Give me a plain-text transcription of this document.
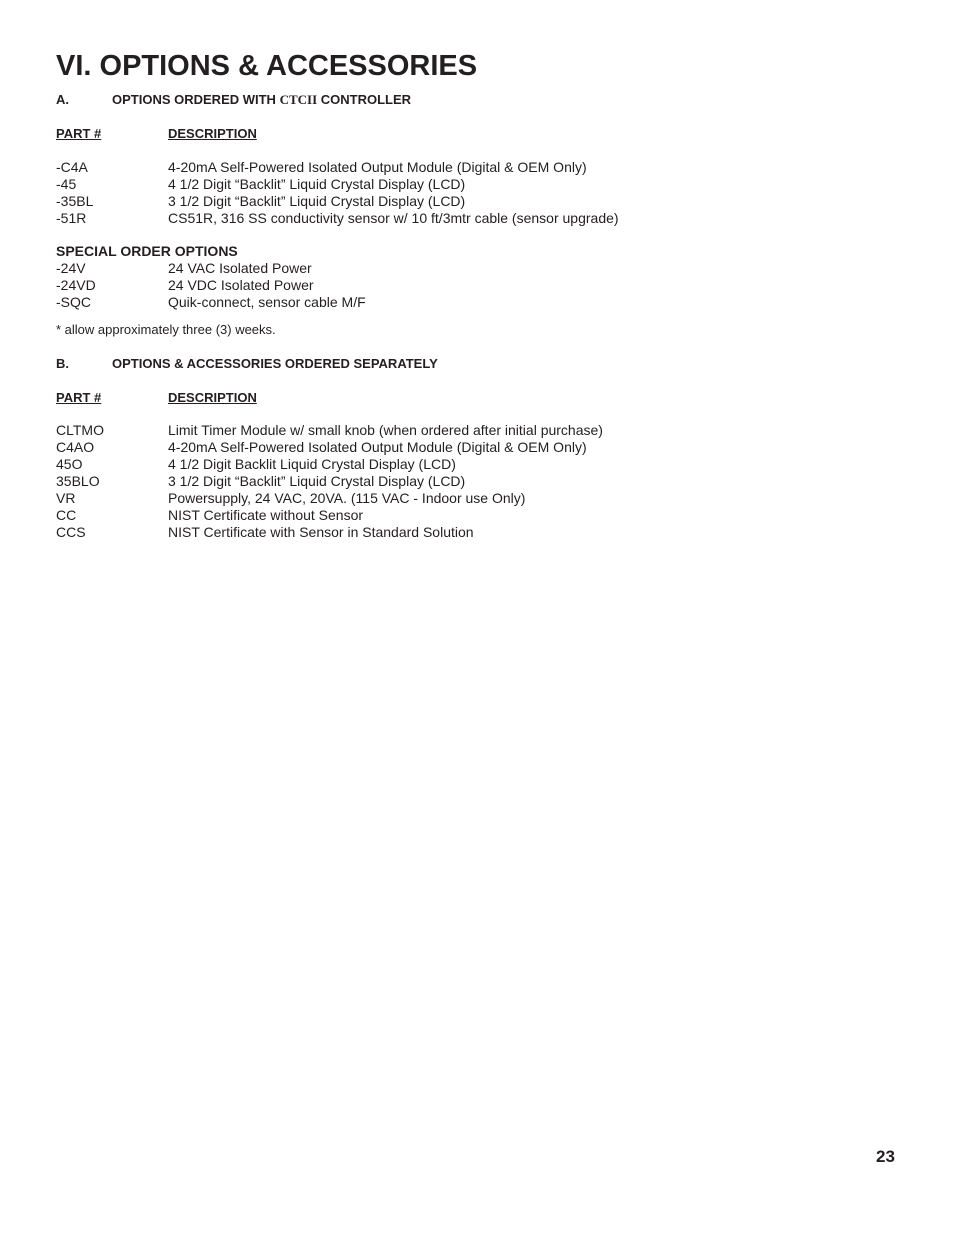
VI. OPTIONS & ACCESSORIES
A.	OPTIONS ORDERED WITH CTCII CONTROLLER
PART #	DESCRIPTION
-C4A	4-20mA Self-Powered Isolated Output Module (Digital & OEM Only)
-45	4 1/2 Digit “Backlit” Liquid Crystal Display (LCD)
-35BL	3 1/2 Digit “Backlit” Liquid Crystal Display (LCD)
-51R	CS51R, 316 SS conductivity sensor w/ 10 ft/3mtr cable (sensor upgrade)
SPECIAL ORDER OPTIONS
-24V	24 VAC Isolated Power
-24VD	24 VDC Isolated Power
-SQC	Quik-connect, sensor cable M/F
* allow approximately three (3) weeks.
B.	OPTIONS & ACCESSORIES ORDERED SEPARATELY
PART #	DESCRIPTION
CLTMO	Limit Timer Module w/ small knob (when ordered after initial purchase)
C4AO	4-20mA Self-Powered Isolated Output Module (Digital & OEM Only)
45O	4 1/2 Digit Backlit Liquid Crystal Display (LCD)
35BLO	3 1/2 Digit “Backlit” Liquid Crystal Display (LCD)
VR	Powersupply, 24 VAC, 20VA. (115 VAC - Indoor use Only)
CC	NIST Certificate without Sensor
CCS	NIST Certificate with Sensor in Standard Solution
23
